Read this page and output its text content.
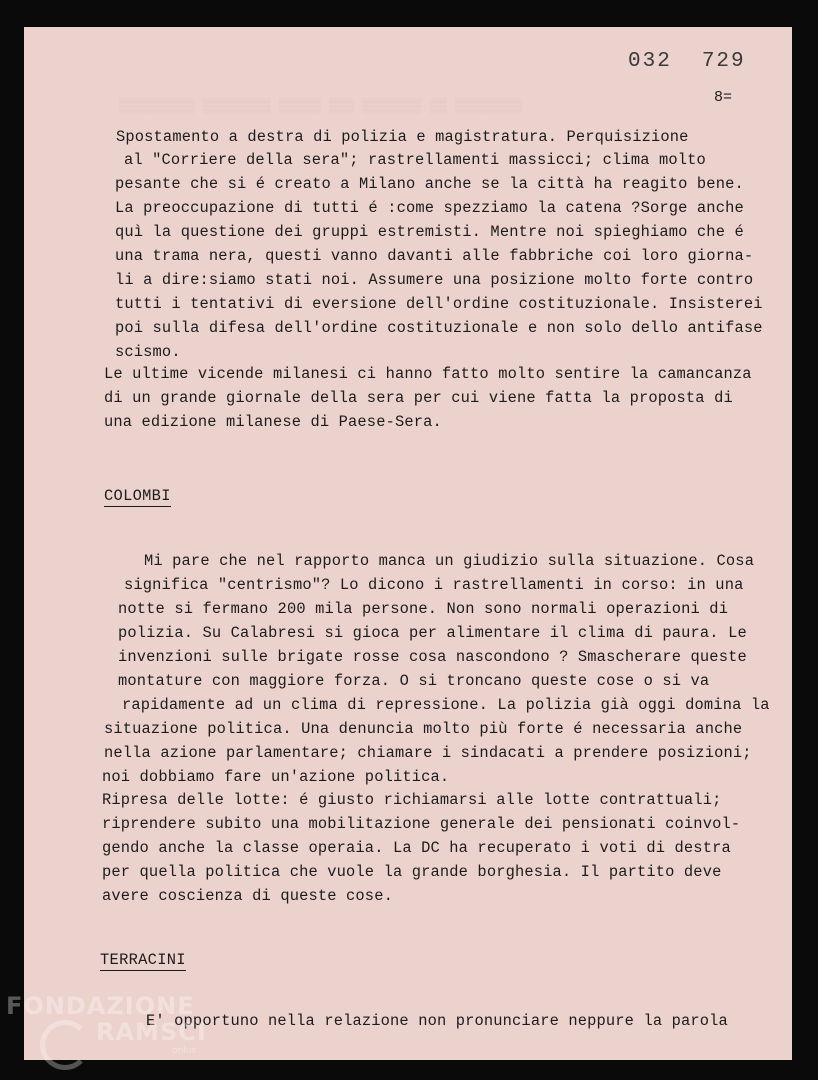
▒▒▒▒▒▒▒▒▒ ▒▒▒▒▒▒▒▒ ▒▒▒▒▒ ▒▒▒ ▒▒▒▒▒▒▒ ▒▒ ▒▒▒▒▒▒▒▒
032 729
8=
Spostamento a destra di polizia e magistratura. Perquisizione
al "Corriere della sera"; rastrellamenti massicci; clima molto
pesante che si é creato a Milano anche se la città ha reagito bene.
La preoccupazione di tutti é :come spezziamo la catena ?Sorge anche
quì la questione dei gruppi estremisti. Mentre noi spieghiamo che é
una trama nera, questi vanno davanti alle fabbriche coi loro giorna-
li a dire:siamo stati noi. Assumere una posizione molto forte contro
tutti i tentativi di eversione dell'ordine costituzionale. Insisterei
poi sulla difesa dell'ordine costituzionale e non solo dello antifase
scismo.
Le ultime vicende milanesi ci hanno fatto molto sentire la camancanza
di un grande giornale della sera per cui viene fatta la proposta di
una edizione milanese di Paese-Sera.
COLOMBI
Mi pare che nel rapporto manca un giudizio sulla situazione. Cosa
significa "centrismo"? Lo dicono i rastrellamenti in corso: in una
notte si fermano 200 mila persone. Non sono normali operazioni di
polizia. Su Calabresi si gioca per alimentare il clima di paura. Le
invenzioni sulle brigate rosse cosa nascondono ? Smascherare queste
montature con maggiore forza. O si troncano queste cose o si va
rapidamente ad un clima di repressione. La polizia già oggi domina la
situazione politica. Una denuncia molto più forte é necessaria anche
nella azione parlamentare; chiamare i sindacati a prendere posizioni;
noi dobbiamo fare un'azione politica.
Ripresa delle lotte: é giusto richiamarsi alle lotte contrattuali;
riprendere subito una mobilitazione generale dei pensionati coinvol-
gendo anche la classe operaia. La DC ha recuperato i voti di destra
per quella politica che vuole la grande borghesia. Il partito deve
avere coscienza di queste cose.
TERRACINI
E' opportuno nella relazione non pronunciare neppure la parola
FONDAZIONE
RAMSCI
onlus
